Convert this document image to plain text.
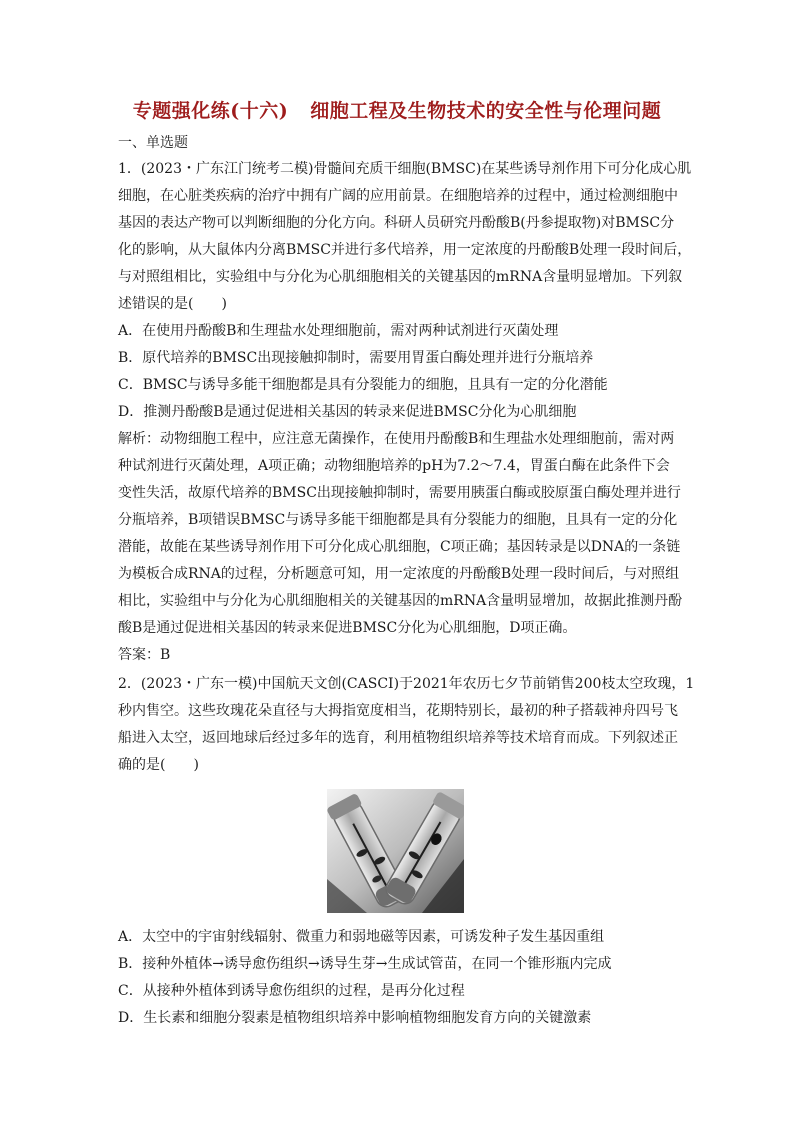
专题强化练(十六) 细胞工程及生物技术的安全性与伦理问题
一、单选题
1．(2023・广东江门统考二模)骨髓间充质干细胞(BMSC)在某些诱导剂作用下可分化成心肌
细胞，在心脏类疾病的治疗中拥有广阔的应用前景。在细胞培养的过程中，通过检测细胞中
基因的表达产物可以判断细胞的分化方向。科研人员研究丹酚酸B(丹参提取物)对BMSC分
化的影响，从大鼠体内分离BMSC并进行多代培养，用一定浓度的丹酚酸B处理一段时间后，
与对照组相比，实验组中与分化为心肌细胞相关的关键基因的mRNA含量明显增加。下列叙
述错误的是(　　)
A．在使用丹酚酸B和生理盐水处理细胞前，需对两种试剂进行灭菌处理
B．原代培养的BMSC出现接触抑制时，需要用胃蛋白酶处理并进行分瓶培养
C．BMSC与诱导多能干细胞都是具有分裂能力的细胞，且具有一定的分化潜能
D．推测丹酚酸B是通过促进相关基因的转录来促进BMSC分化为心肌细胞
解析：动物细胞工程中，应注意无菌操作，在使用丹酚酸B和生理盐水处理细胞前，需对两
种试剂进行灭菌处理，A项正确；动物细胞培养的pH为7.2～7.4，胃蛋白酶在此条件下会
变性失活，故原代培养的BMSC出现接触抑制时，需要用胰蛋白酶或胶原蛋白酶处理并进行
分瓶培养，B项错误BMSC与诱导多能干细胞都是具有分裂能力的细胞，且具有一定的分化
潜能，故能在某些诱导剂作用下可分化成心肌细胞，C项正确；基因转录是以DNA的一条链
为模板合成RNA的过程，分析题意可知，用一定浓度的丹酚酸B处理一段时间后，与对照组
相比，实验组中与分化为心肌细胞相关的关键基因的mRNA含量明显增加，故据此推测丹酚
酸B是通过促进相关基因的转录来促进BMSC分化为心肌细胞，D项正确。
答案：B
2．(2023・广东一模)中国航天文创(CASCI)于2021年农历七夕节前销售200枝太空玫瑰，1
秒内售空。这些玫瑰花朵直径与大拇指宽度相当，花期特别长，最初的种子搭载神舟四号飞
船进入太空，返回地球后经过多年的选育，利用植物组织培养等技术培育而成。下列叙述正
确的是(　　)
A．太空中的宇宙射线辐射、微重力和弱地磁等因素，可诱发种子发生基因重组
B．接种外植体→诱导愈伤组织→诱导生芽→生成试管苗，在同一个锥形瓶内完成
C．从接种外植体到诱导愈伤组织的过程，是再分化过程
D．生长素和细胞分裂素是植物组织培养中影响植物细胞发育方向的关键激素
